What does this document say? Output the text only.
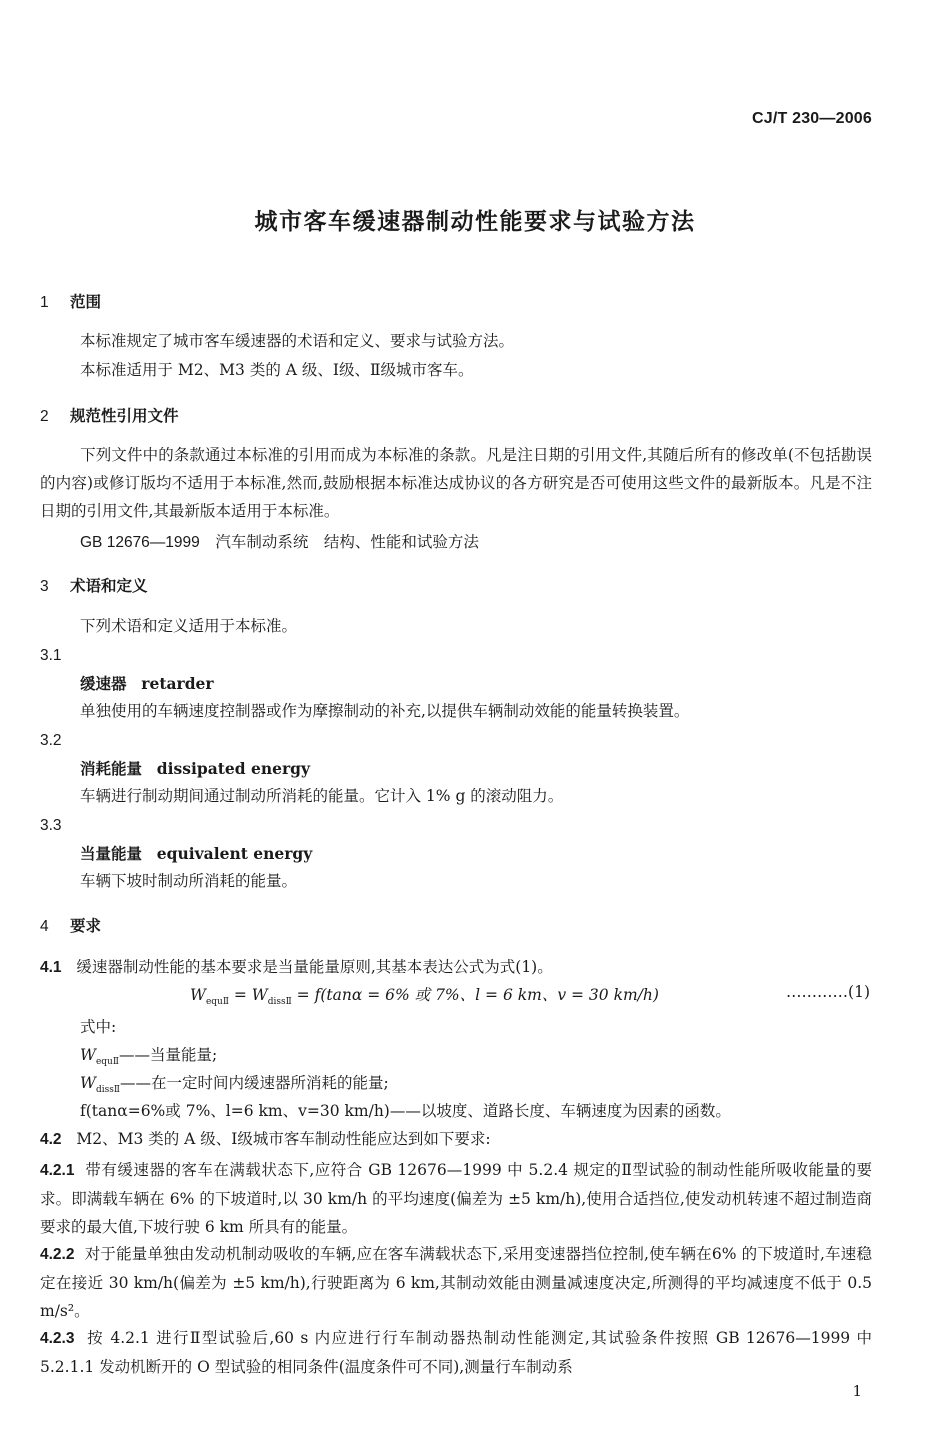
CJ/T 230—2006
城市客车缓速器制动性能要求与试验方法
1 范围
本标准规定了城市客车缓速器的术语和定义、要求与试验方法。
本标准适用于 M2、M3 类的 A 级、Ⅰ级、Ⅱ级城市客车。
2 规范性引用文件
下列文件中的条款通过本标准的引用而成为本标准的条款。凡是注日期的引用文件,其随后所有的修改单(不包括勘误的内容)或修订版均不适用于本标准,然而,鼓励根据本标准达成协议的各方研究是否可使用这些文件的最新版本。凡是不注日期的引用文件,其最新版本适用于本标准。
GB 12676—1999　 汽车制动系统　结构、性能和试验方法
3 术语和定义
下列术语和定义适用于本标准。
3.1
缓速器 retarder
单独使用的车辆速度控制器或作为摩擦制动的补充,以提供车辆制动效能的能量转换装置。
3.2
消耗能量 dissipated energy
车辆进行制动期间通过制动所消耗的能量。它计入 1% g 的滚动阻力。
3.3
当量能量 equivalent energy
车辆下坡时制动所消耗的能量。
4 要求
4.1 缓速器制动性能的基本要求是当量能量原则,其基本表达公式为式(1)。
$W_{equⅡ} = W_{dissⅡ} = f(\tan\alpha = 6\%$ 或 7%、l = 6 km、v = 30 km/h)	…………(1)
式中:
$W_{equⅡ}——$当量能量;
$W_{dissⅡ}——$在一定时间内缓速器所消耗的能量;
f(tanα=6%或 7%、l=6 km、v=30 km/h)——以坡度、道路长度、车辆速度为因素的函数。
4.2 M2、M3 类的 A 级、Ⅰ级城市客车制动性能应达到如下要求:
4.2.1 带有缓速器的客车在满载状态下,应符合 GB 12676—1999 中 5.2.4 规定的Ⅱ型试验的制动性能所吸收能量的要求。即满载车辆在 6% 的下坡道时,以 30 km/h 的平均速度(偏差为 ±5 km/h),使用合适挡位,使发动机转速不超过制造商要求的最大值,下坡行驶 6 km 所具有的能量。
4.2.2 对于能量单独由发动机制动吸收的车辆,应在客车满载状态下,采用变速器挡位控制,使车辆在6% 的下坡道时,车速稳定在接近 30 km/h(偏差为 ±5 km/h),行驶距离为 6 km,其制动效能由测量减速度决定,所测得的平均减速度不低于 0.5 m/s²。
4.2.3 按 4.2.1 进行Ⅱ型试验后,60 s 内应进行行车制动器热制动性能测定,其试验条件按照 GB 12676—1999 中 5.2.1.1 发动机断开的 O 型试验的相同条件(温度条件可不同),测量行车制动系
1
